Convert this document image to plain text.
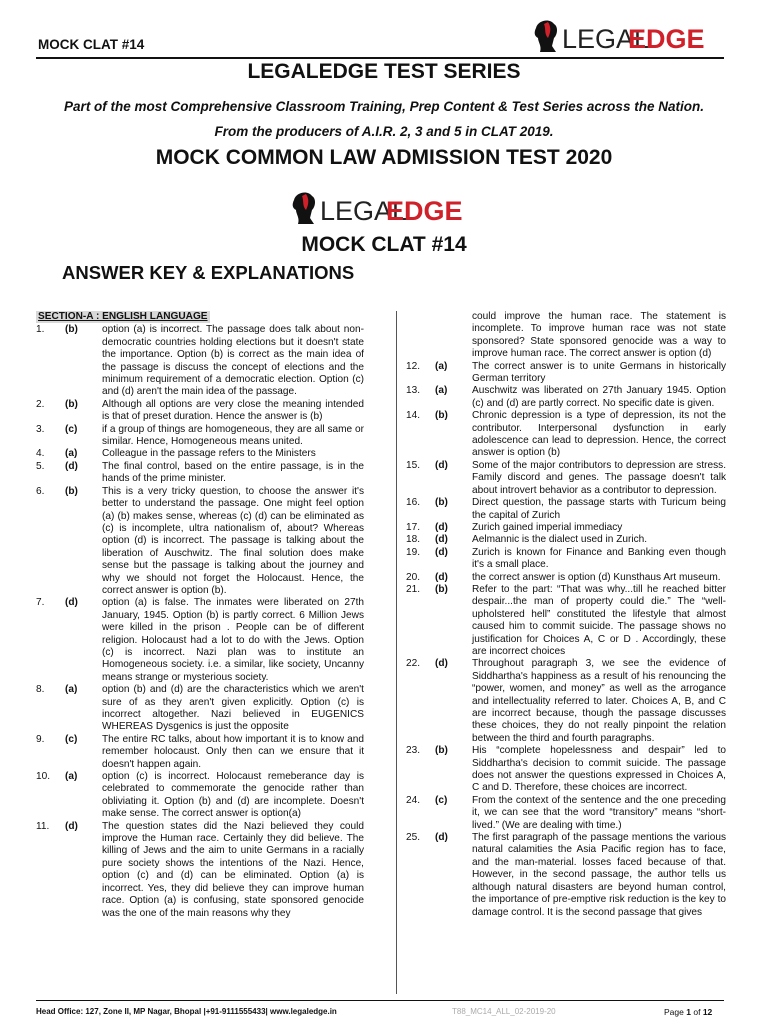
MOCK CLAT #14	LEGAL
EDGE
LEGALEDGE TEST SERIES
Part of the most Comprehensive Classroom Training, Prep Content & Test Series across the Nation.
From the producers of A.I.R. 2, 3 and 5 in CLAT 2019.
MOCK COMMON LAW ADMISSION TEST 2020
LEGAL
EDGE
MOCK CLAT #14
ANSWER KEY & EXPLANATIONS
SECTION-A : ENGLISH LANGUAGE
1.	(b)	option (a) is incorrect. The passage does talk about non- democratic countries holding elections but it doesn't state the importance. Option (b) is correct as the main idea of the passage is discuss the concept of elections and the minimum requirement of a democratic election. Option (c) and (d) aren't the main idea of the passage.
2.	(b)	Although all options are very close the meaning intended is that of preset duration. Hence the answer is (b)
3.	(c)	if a group of things are homogeneous, they are all same or similar. Hence, Homogeneous means united.
4.	(a)	Colleague in the passage refers to the Ministers
5.	(d)	The final control, based on the entire passage, is in the hands of the prime minister.
6.	(b)	This is a very tricky question, to choose the answer it's better to understand the passage. One might feel option (a) (b) makes sense, whereas (c) (d) can be eliminated as (c) is incomplete, ultra nationalism of, about? Whereas option (d) is incorrect. The passage is talking about the liberation of Auschwitz. The final solution does make sense but the passage is talking about the journey and why we should not forget the Holocaust. Hence, the correct answer is option (b).
7.	(d)	option (a) is false. The inmates were liberated on 27th January, 1945. Option (b) is partly correct. 6 Million Jews were killed in the prison . People can be of different religion. Holocaust had a lot to do with the Jews. Option (c) is incorrect. Nazi plan was to institute an Homogeneous society. i.e. a similar, like society, Uncanny means strange or mysterious society.
8.	(a)	option (b) and (d) are the characteristics which we aren't sure of as they aren't given explicitly. Option (c) is incorrect altogether. Nazi believed in EUGENICS WHEREAS Dysgenics is just the opposite
9.	(c)	The entire RC talks, about how important it is to know and remember holocaust. Only then can we ensure that it doesn't happen again.
10.	(a)	option (c) is incorrect. Holocaust remeberance day is celebrated to commemorate the genocide rather than obliviating it. Option (b) and (d) are incomplete. Doesn't make sense. The correct answer is option(a)
11.	(d)	The question states did the Nazi believed they could improve the Human race. Certainly they did believe. The killing of Jews and the aim to unite Germans in a racially pure society shows the intentions of the Nazi. Hence, option (c) and (d) can be eliminated. Option (a) is incorrect. Yes, they did believe they can improve human race. Option (a) is confusing, state sponsored genocide was the one of the main reasons why they
could improve the human race. The statement is incomplete. To improve human race was not state sponsored? State sponsored genocide was a way to improve human race. The correct answer is option (d)
12.	(a)	The correct answer is to unite Germans in historically German territory
13.	(a)	Auschwitz was liberated on 27th January 1945. Option (c) and (d) are partly correct. No specific date is given.
14.	(b)	Chronic depression is a type of depression, its not the contributor. Interpersonal dysfunction in early adolescence can lead to depression. Hence, the correct answer is option (b)
15.	(d)	Some of the major contributors to depression are stress. Family discord and genes. The passage doesn't talk about introvert behavior as a contributor to depression.
16.	(b)	Direct question, the passage starts with Turicum being the capital of Zurich
17.	(d)	Zurich gained imperial immediacy
18.	(d)	Aelmannic is the dialect used in Zurich.
19.	(d)	Zurich is known for Finance and Banking even though it's a small place.
20.	(d)	the correct answer is option (d) Kunsthaus Art museum.
21.	(b)	Refer to the part: “That was why...till he reached bitter despair...the man of property could die.” The “well-upholstered hell” constituted the lifestyle that almost caused him to commit suicide. The passage shows no justification for Choices A, C or D . Accordingly, these are incorrect choices
22.	(d)	Throughout paragraph 3, we see the evidence of Siddhartha's happiness as a result of his renouncing the “power, women, and money” as well as the arrogance and intellectuality referred to later. Choices A, B, and C are incorrect because, though the passage discusses these choices, they do not really pinpoint the relation between the third and fourth paragraphs.
23.	(b)	His “complete hopelessness and despair” led to Siddhartha's decision to commit suicide. The passage does not answer the questions expressed in Choices A, C and D. Therefore, these choices are incorrect.
24.	(c)	From the context of the sentence and the one preceding it, we can see that the word “transitory” means “short-lived.” (We are dealing with time.)
25.	(d)	The first paragraph of the passage mentions the various natural calamities the Asia Pacific region has to face, and the man-material. losses faced because of that. However, in the second passage, the author tells us although natural disasters are beyond human control, the importance of pre-emptive risk reduction is the key to damage control. It is the second passage that gives
Head Office: 127, Zone II, MP Nagar, Bhopal |+91-9111555433| www.legaledge.in	T88_MC14_ALL_02-2019-20	Page 1 of 12
